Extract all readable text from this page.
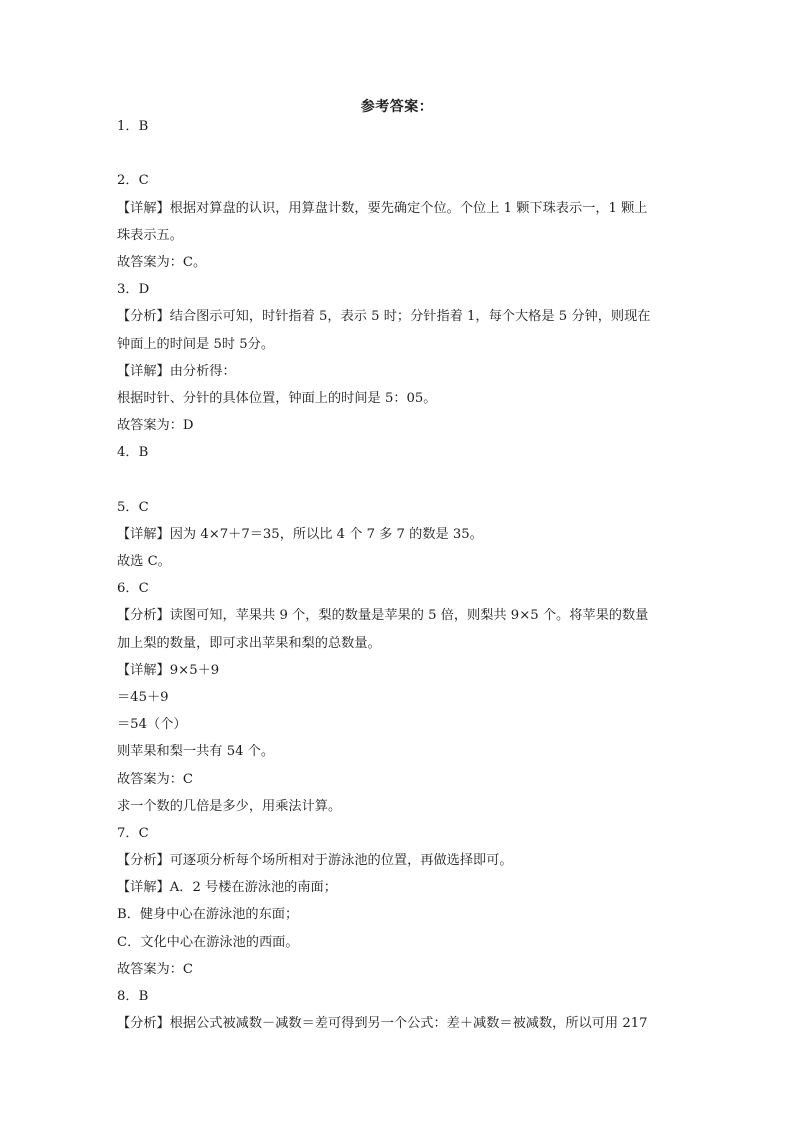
参考答案：
1．B
2．C
【详解】根据对算盘的认识，用算盘计数，要先确定个位。个位上 1 颗下珠表示一，1 颗上
珠表示五。
故答案为：C。
3．D
【分析】结合图示可知，时针指着 5，表示 5 时；分针指着 1，每个大格是 5 分钟，则现在
钟面上的时间是 5时 5分。
【详解】由分析得：
根据时针、分针的具体位置，钟面上的时间是 5：05。
故答案为：D
4．B
5．C
【详解】因为 4×7＋7＝35，所以比 4 个 7 多 7 的数是 35。
故选 C。
6．C
【分析】读图可知，苹果共 9 个，梨的数量是苹果的 5 倍，则梨共 9×5 个。将苹果的数量
加上梨的数量，即可求出苹果和梨的总数量。
【详解】9×5＋9
＝45＋9
＝54（个）
则苹果和梨一共有 54 个。
故答案为：C
求一个数的几倍是多少，用乘法计算。
7．C
【分析】可逐项分析每个场所相对于游泳池的位置，再做选择即可。
【详解】A．2 号楼在游泳池的南面；
B．健身中心在游泳池的东面；
C．文化中心在游泳池的西面。
故答案为：C
8．B
【分析】根据公式被减数－减数＝差可得到另一个公式：差＋减数＝被减数，所以可用 217
